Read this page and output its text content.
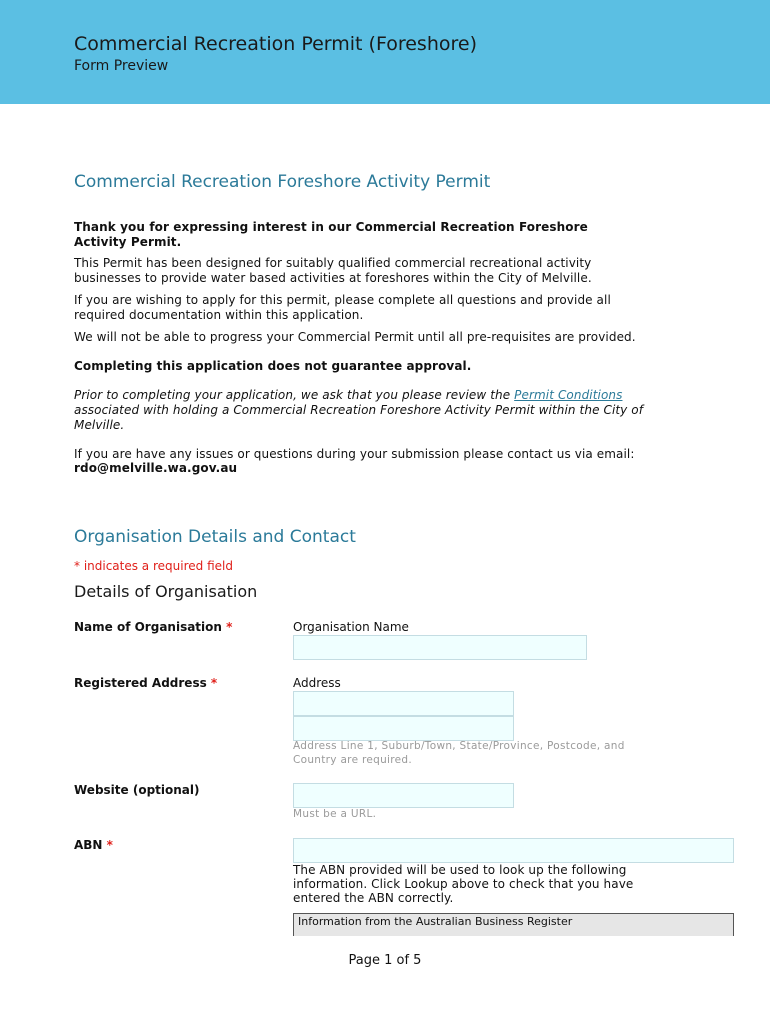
Commercial Recreation Permit (Foreshore)
Form Preview
Commercial Recreation Foreshore Activity Permit
Thank you for expressing interest in our Commercial Recreation Foreshore
Activity Permit.
This Permit has been designed for suitably qualified commercial recreational activity
businesses to provide water based activities at foreshores within the City of Melville.
If you are wishing to apply for this permit, please complete all questions and provide all
required documentation within this application.
We will not be able to progress your Commercial Permit until all pre-requisites are provided.
Completing this application does not guarantee approval.
Prior to completing your application, we ask that you please review the Permit Conditions
associated with holding a Commercial Recreation Foreshore Activity Permit within the City of
Melville.
If you are have any issues or questions during your submission please contact us via email:
rdo@melville.wa.gov.au
Organisation Details and Contact
* indicates a required field
Details of Organisation
Name of Organisation *	Organisation Name
Registered Address *	Address
Address Line 1, Suburb/Town, State/Province, Postcode, and
Country are required.
Website (optional)
Must be a URL.
ABN *
The ABN provided will be used to look up the following
information. Click Lookup above to check that you have
entered the ABN correctly.
Information from the Australian Business Register
Page 1 of 5
